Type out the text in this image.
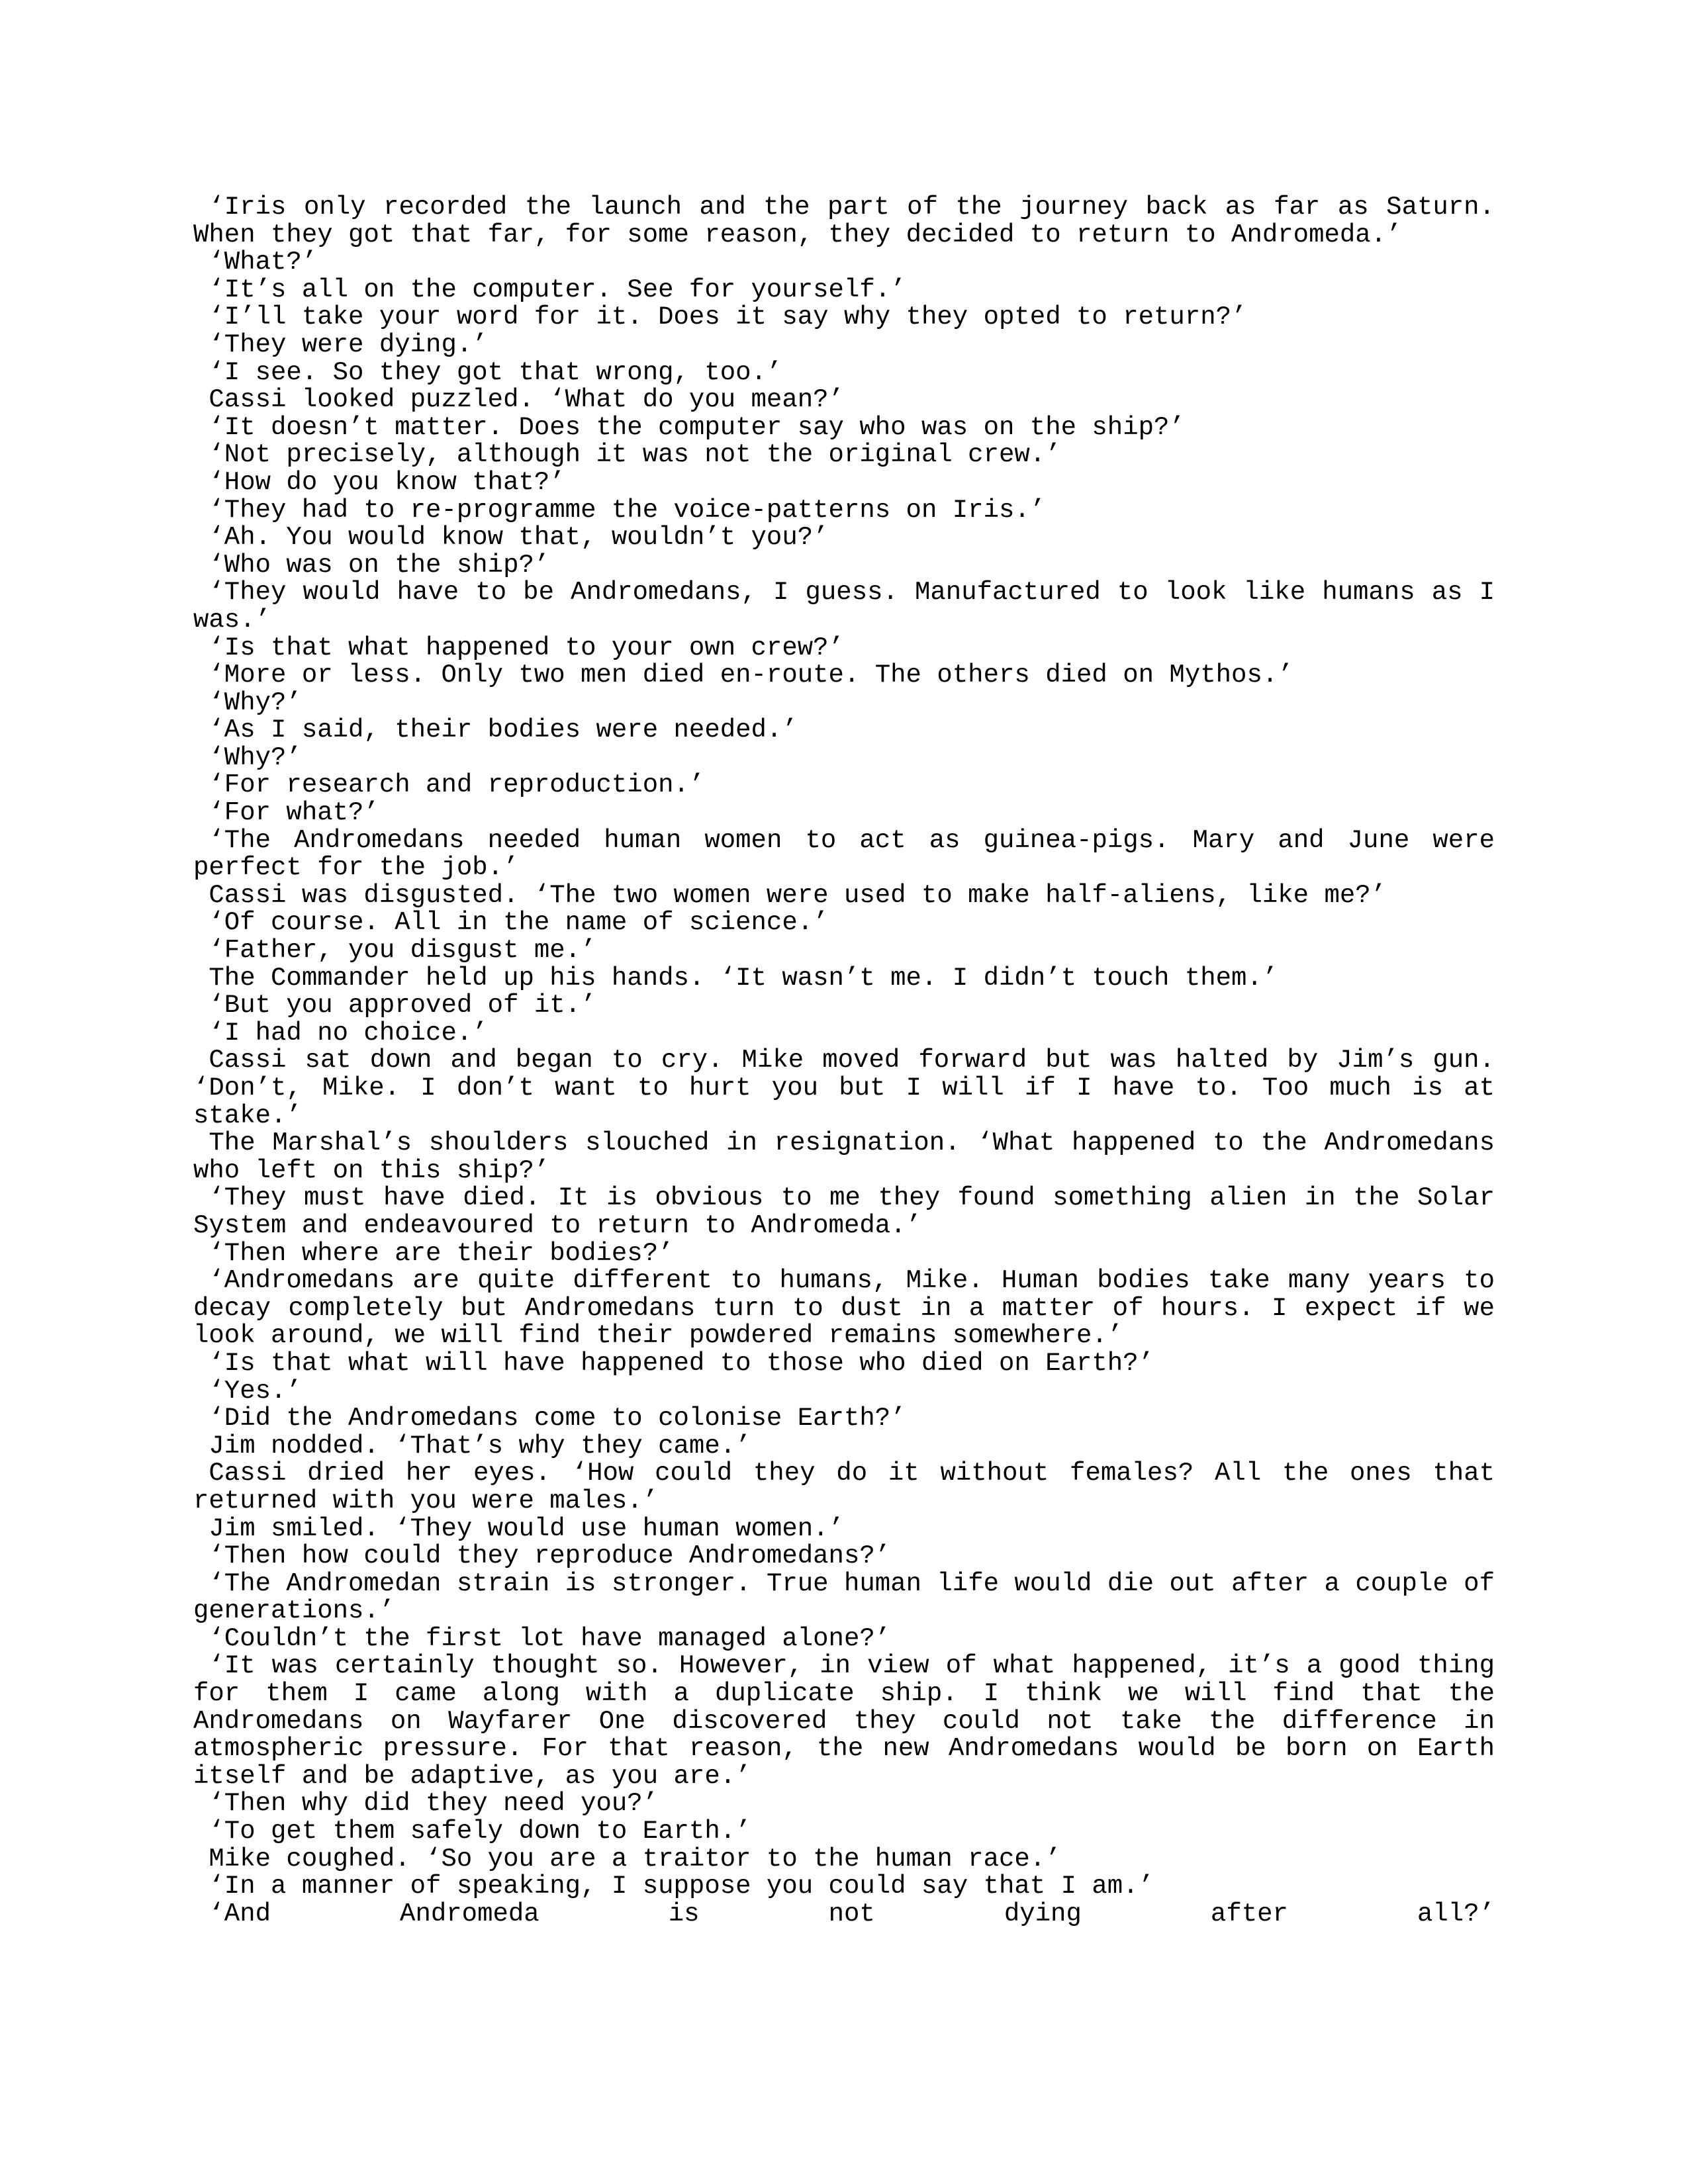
‘Iris only recorded the launch and the part of the journey back as far as Saturn. When they got that far, for some reason, they decided to return to Andromeda.’

‘What?’

‘It’s all on the computer. See for yourself.’

‘I’ll take your word for it. Does it say why they opted to return?’

‘They were dying.’

‘I see. So they got that wrong, too.’

Cassi looked puzzled. ‘What do you mean?’

‘It doesn’t matter. Does the computer say who was on the ship?’

‘Not precisely, although it was not the original crew.’

‘How do you know that?’

‘They had to re-programme the voice-patterns on Iris.’

‘Ah. You would know that, wouldn’t you?’

‘Who was on the ship?’

‘They would have to be Andromedans, I guess. Manufactured to look like humans as I was.’

‘Is that what happened to your own crew?’

‘More or less. Only two men died en-route. The others died on Mythos.’

‘Why?’

‘As I said, their bodies were needed.’

‘Why?’

‘For research and reproduction.’

‘For what?’

‘The Andromedans needed human women to act as guinea-pigs. Mary and June were perfect for the job.’

Cassi was disgusted. ‘The two women were used to make half-aliens, like me?’

‘Of course. All in the name of science.’

‘Father, you disgust me.’

The Commander held up his hands. ‘It wasn’t me. I didn’t touch them.’

‘But you approved of it.’

‘I had no choice.’

Cassi sat down and began to cry. Mike moved forward but was halted by Jim’s gun. ‘Don’t, Mike. I don’t want to hurt you but I will if I have to. Too much is at stake.’

The Marshal’s shoulders slouched in resignation. ‘What happened to the Andromedans who left on this ship?’

‘They must have died. It is obvious to me they found something alien in the Solar System and endeavoured to return to Andromeda.’

‘Then where are their bodies?’

‘Andromedans are quite different to humans, Mike. Human bodies take many years to decay completely but Andromedans turn to dust in a matter of hours. I expect if we look around, we will find their powdered remains somewhere.’

‘Is that what will have happened to those who died on Earth?’

‘Yes.’

‘Did the Andromedans come to colonise Earth?’

Jim nodded. ‘That’s why they came.’

Cassi dried her eyes. ‘How could they do it without females? All the ones that returned with you were males.’

Jim smiled. ‘They would use human women.’

‘Then how could they reproduce Andromedans?’

‘The Andromedan strain is stronger. True human life would die out after a couple of generations.’

‘Couldn’t the first lot have managed alone?’

‘It was certainly thought so. However, in view of what happened, it’s a good thing for them I came along with a duplicate ship. I think we will find that the Andromedans on Wayfarer One discovered they could not take the difference in atmospheric pressure. For that reason, the new Andromedans would be born on Earth itself and be adaptive, as you are.’

‘Then why did they need you?’

‘To get them safely down to Earth.’

Mike coughed. ‘So you are a traitor to the human race.’

‘In a manner of speaking, I suppose you could say that I am.’

‘And Andromeda is not dying after all?’
